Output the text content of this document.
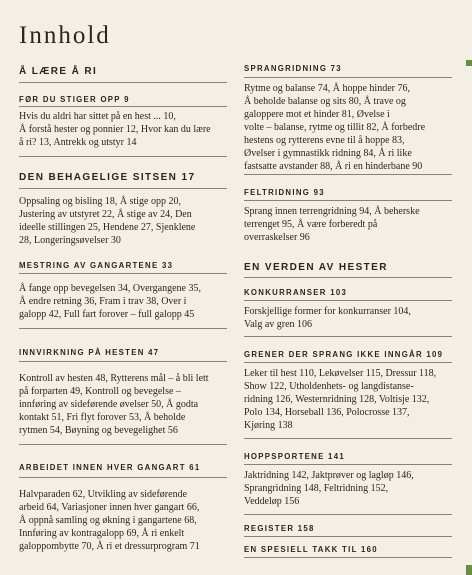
Innhold
Å LÆRE Å RI
FØR DU STIGER OPP 9
Hvis du aldri har sittet på en hest ... 10,
Å forstå hester og ponnier 12, Hvor kan du lære
å ri? 13, Antrekk og utstyr 14
DEN BEHAGELIGE SITSEN 17
Oppsaling og bisling 18, Å stige opp 20,
Justering av utstyret 22, Å stige av 24, Den
ideelle stillingen 25, Hendene 27, Sjenklene
28, Longeringsøvelser 30
MESTRING AV GANGARTENE 33
Å fange opp bevegelsen 34, Overgangene 35,
Å endre retning 36, Fram i trav 38, Over i
galopp 42, Full fart forover – full galopp 45
INNVIRKNING PÅ HESTEN 47
Kontroll av hesten 48, Rytterens mål – å bli lett
på forparten 49, Kontroll og bevegelse –
innføring av sideførende øvelser 50, Å godta
kontakt 51, Fri flyt forover 53, Å beholde
rytmen 54, Bøyning og bevegelighet 56
ARBEIDET INNEN HVER GANGART 61
Halvparaden 62, Utvikling av sideførende
arbeid 64, Variasjoner innen hver gangart 66,
Å oppnå samling og økning i gangartene 68,
Innføring av kontragalopp 69, Å ri enkelt
galoppombytte 70, Å ri et dressurprogram 71
SPRANGRIDNING 73
Rytme og balanse 74, Å hoppe hinder 76,
Å beholde balanse og sits 80, Å trave og
galoppere mot et hinder 81, Øvelse i
volte – balanse, rytme og tillit 82, Å forbedre
hestens og rytterens evne til å hoppe 83,
Øvelser i gymnastikk ridning 84, Å ri like
fastsatte avstander 88, Å ri en hinderbane 90
FELTRIDNING 93
Sprang innen terrengridning 94, Å beherske
terrenget 95, Å være forberedt på
overraskelser 96
EN VERDEN AV HESTER
KONKURRANSER 103
Forskjellige former for konkurranser 104,
Valg av gren 106
GRENER DER SPRANG IKKE INNGÅR 109
Leker til hest 110, Lekøvelser 115, Dressur 118,
Show 122, Utholdenhets- og langdistanse-
ridning 126, Westernridning 128, Voltisje 132,
Polo 134, Horseball 136, Polocrosse 137,
Kjøring 138
HOPPSPORTENE 141
Jaktridning 142, Jaktprøver og lagløp 146,
Sprangridning 148, Feltridning 152,
Veddeløp 156
REGISTER 158
EN SPESIELL TAKK TIL 160
